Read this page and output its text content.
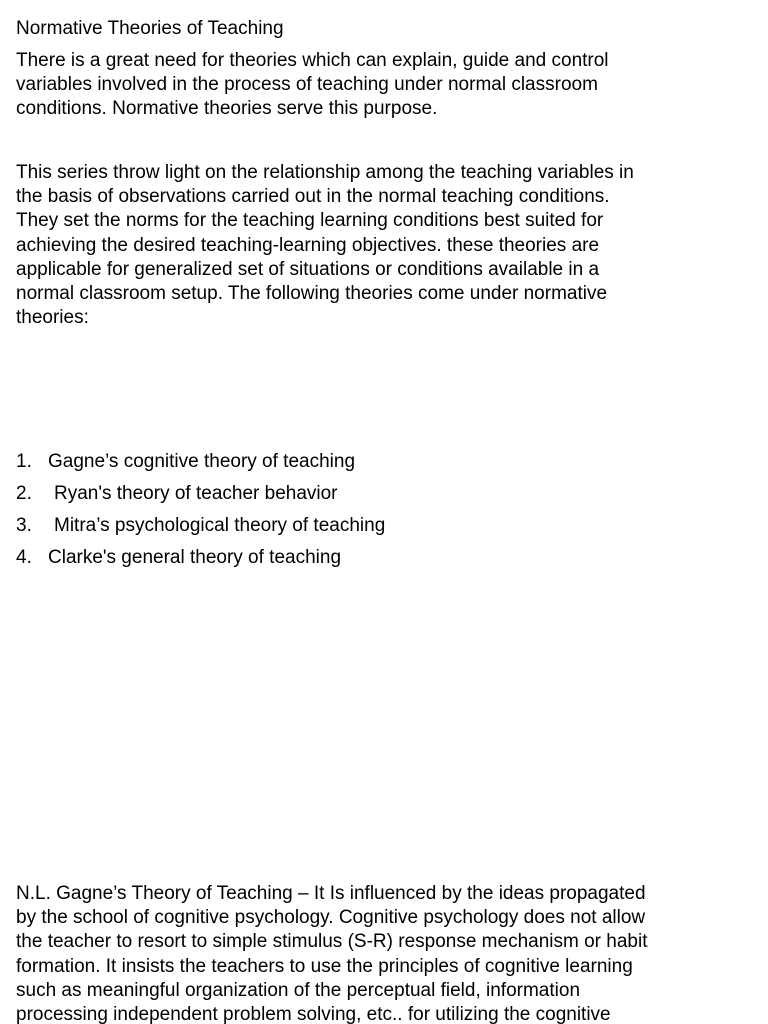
Normative Theories of Teaching

There is a great need for theories which can explain, guide and control
variables involved in the process of teaching under normal classroom
conditions. Normative theories serve this purpose.

This series throw light on the relationship among the teaching variables in
the basis of observations carried out in the normal teaching conditions.
They set the norms for the teaching learning conditions best suited for
achieving the desired teaching-learning objectives. these theories are
applicable for generalized set of situations or conditions available in a
normal classroom setup. The following theories come under normative
theories:

1. Gagne’s cognitive theory of teaching
2. Ryan's theory of teacher behavior
3. Mitra’s psychological theory of teaching
4. Clarke's general theory of teaching

N.L. Gagne’s Theory of Teaching – It Is influenced by the ideas propagated
by the school of cognitive psychology. Cognitive psychology does not allow
the teacher to resort to simple stimulus (S-R) response mechanism or habit
formation. It insists the teachers to use the principles of cognitive learning
such as meaningful organization of the perceptual field, information
processing independent problem solving, etc.. for utilizing the cognitive
